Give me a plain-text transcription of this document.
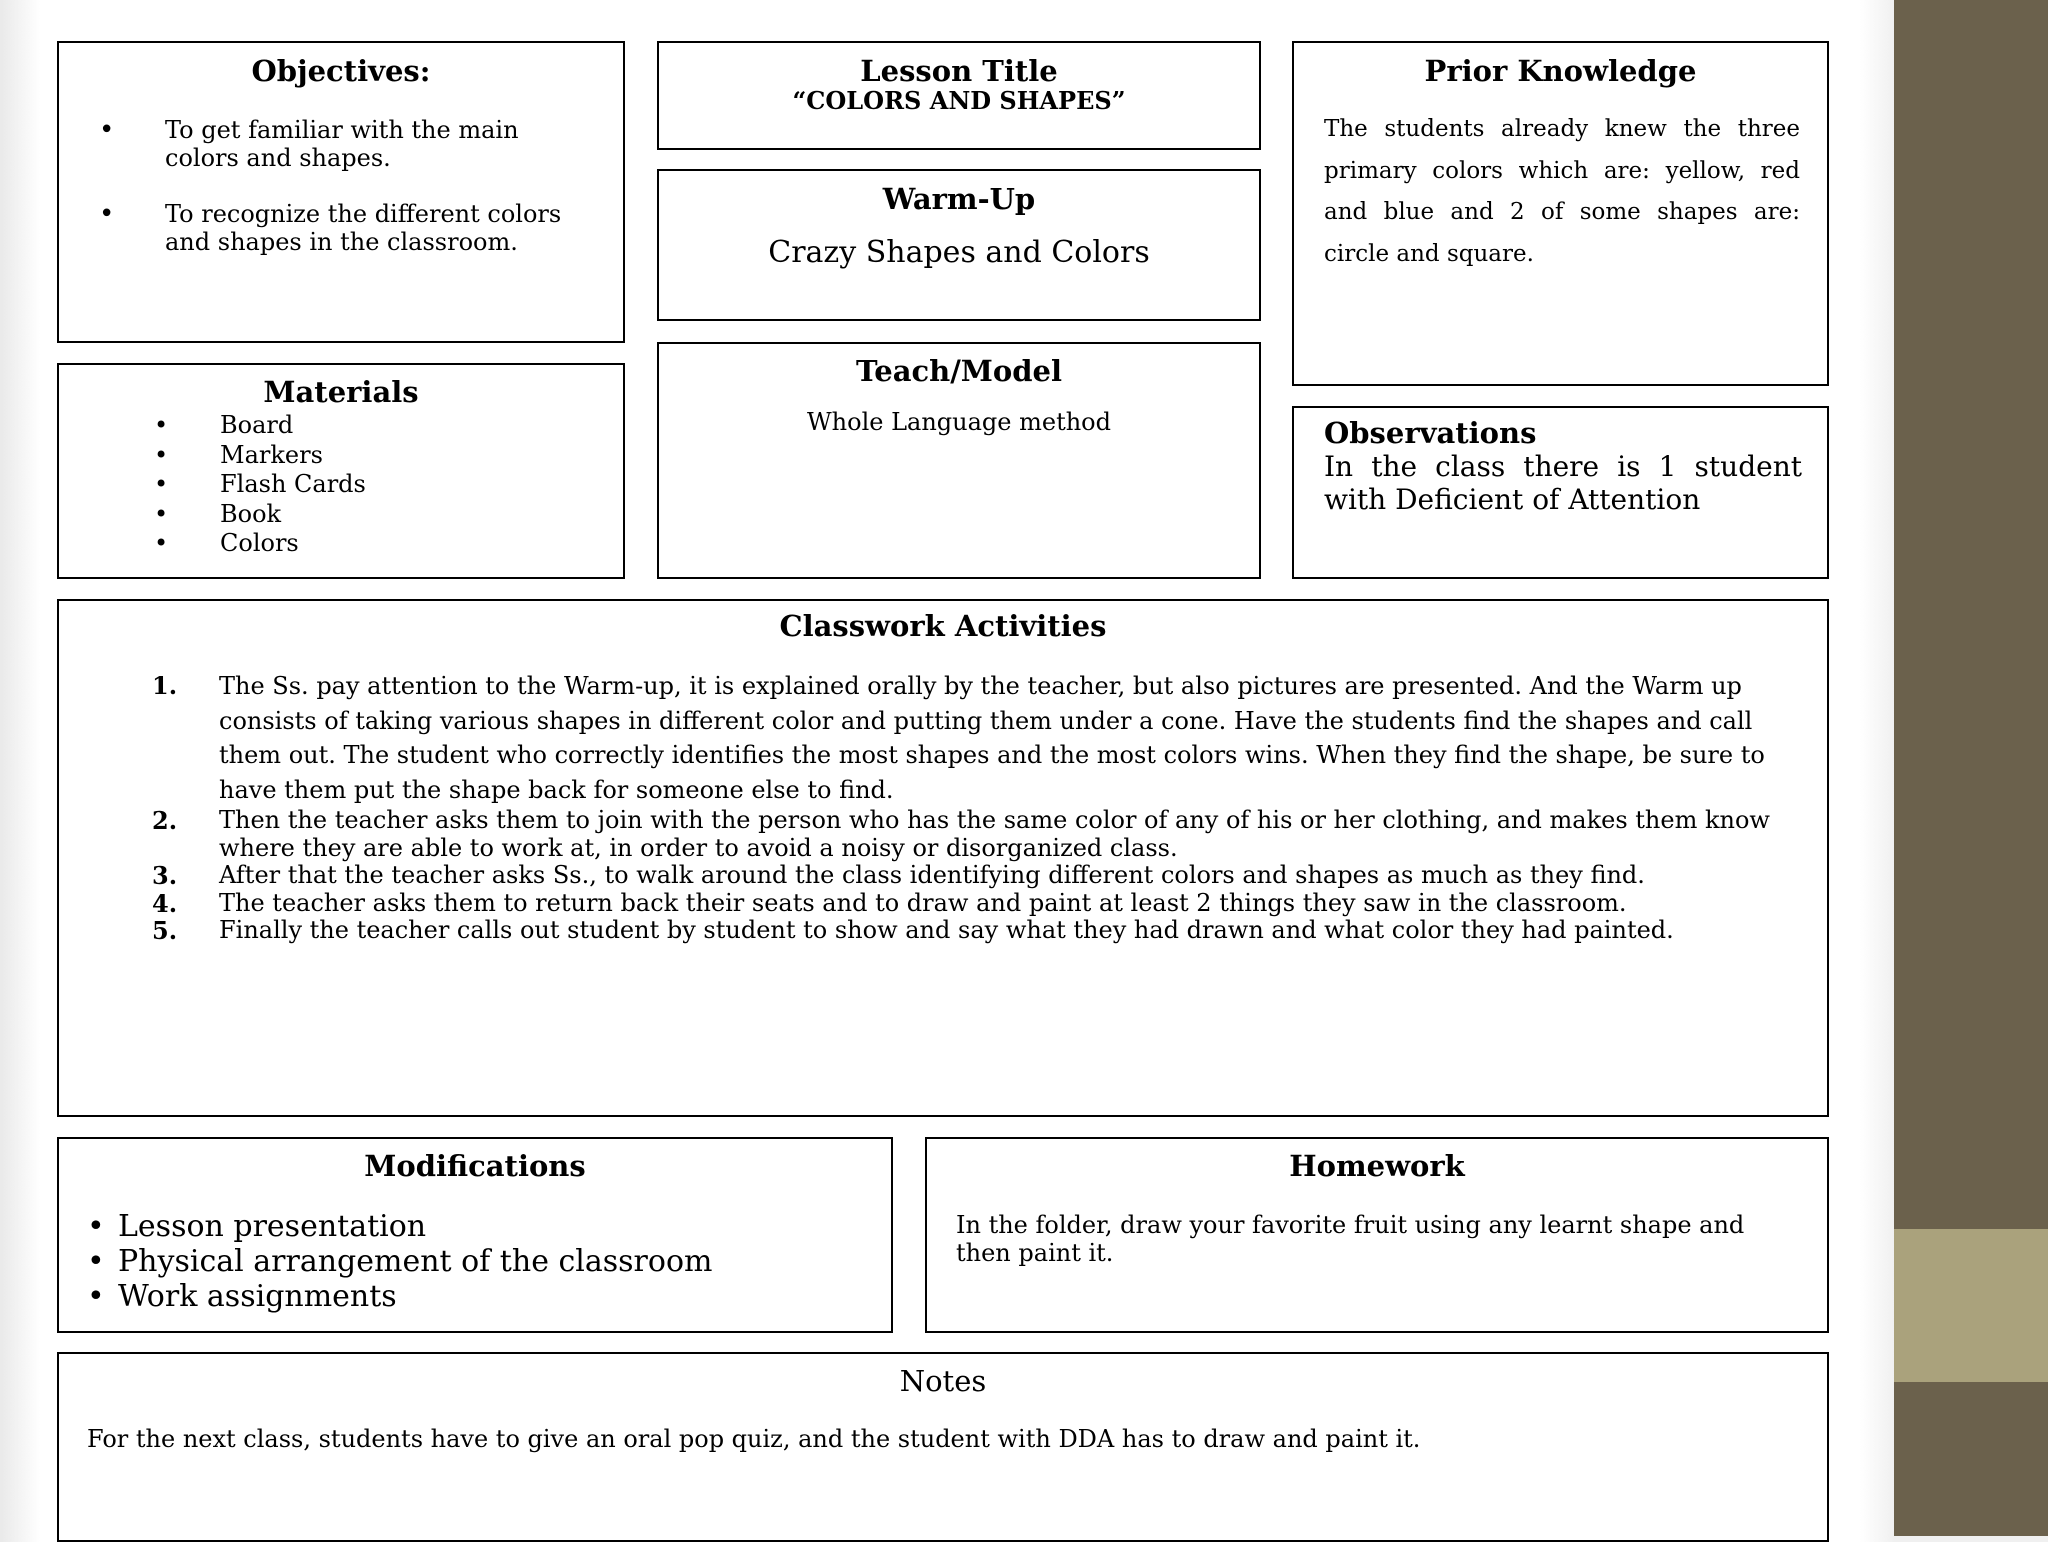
Objectives:

• To get familiar with the main colors and shapes.
• To recognize the different colors and shapes in the classroom.

Lesson Title

“COLORS AND SHAPES”

Warm-Up

Crazy Shapes and Colors

Prior Knowledge

The students already knew the three primary colors which are: yellow, red and blue and 2 of some shapes are: circle and square.

Materials

• Board
• Markers
• Flash Cards
• Book
• Colors

Teach/Model

Whole Language method	Observations

In the class there is 1 student with Deficient of Attention

Classwork Activities

1. The Ss. pay attention to the Warm-up, it is explained orally by the teacher, but also pictures are presented. And the Warm up consists of taking various shapes in different color and putting them under a cone. Have the students find the shapes and call them out. The student who correctly identifies the most shapes and the most colors wins. When they find the shape, be sure to have them put the shape back for someone else to find.
2. Then the teacher asks them to join with the person who has the same color of any of his or her clothing, and makes them know where they are able to work at, in order to avoid a noisy or disorganized class.
3. After that the teacher asks Ss., to walk around the class identifying different colors and shapes as much as they find.
4. The teacher asks them to return back their seats and to draw and paint at least 2 things they saw in the classroom.
5. Finally the teacher calls out student by student to show and say what they had drawn and what color they had painted.

Modifications

• Lesson presentation
• Physical arrangement of the classroom
• Work assignments

Homework

In the folder, draw your favorite fruit using any learnt shape and then paint it.
Notes
For the next class, students have to give an oral pop quiz, and the student with DDA has to draw and paint it.
